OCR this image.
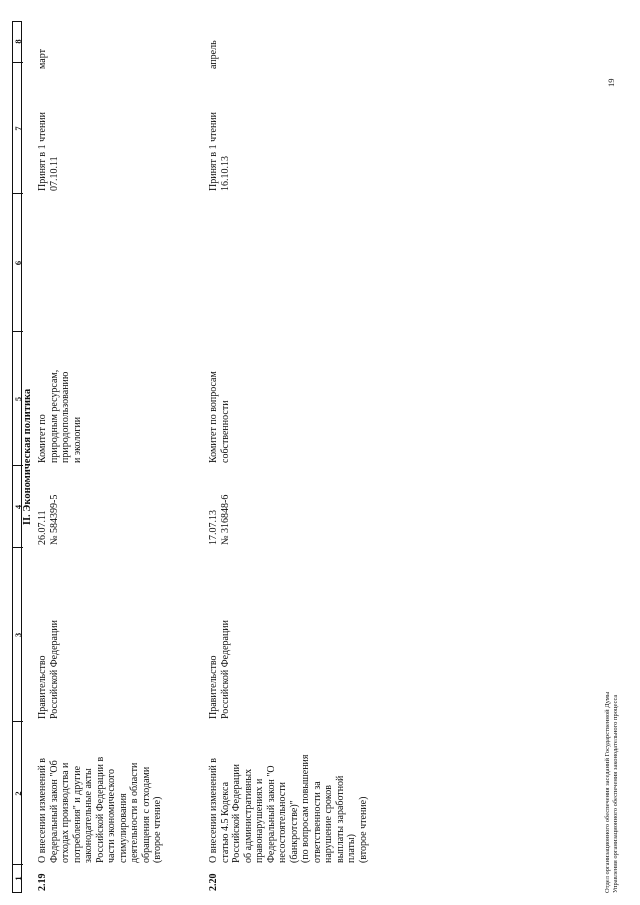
1
2
3
4
5
6
7
8
II. Экономическая политика
2.19
О внесении изменений в Федеральный закон "Об отходах производства и потребления" и другие законодательные акты Российской Федерации в части экономического стимулирования деятельности в области обращения с отходами (второе чтение)
Правительство Российской Федерации
26.07.11 № 584399-5
Комитет по природным ресурсам, природопользованию и экологии
Принят в 1 чтении 07.10.11
март
2.20
О внесении изменений в статью 4.5 Кодекса Российской Федерации об административных правонарушениях и Федеральный закон "О несостоятельности (банкротстве)" (по вопросам повышения ответственности за нарушение сроков выплаты заработной платы) (второе чтение)
Правительство Российской Федерации
17.07.13 № 316848-6
Комитет по вопросам собственности
Принят в 1 чтении 16.10.13
апрель
Отдел организационного обеспечения заседаний Государственной Думы Управления организационного обеспечения законодательного процесса
19
